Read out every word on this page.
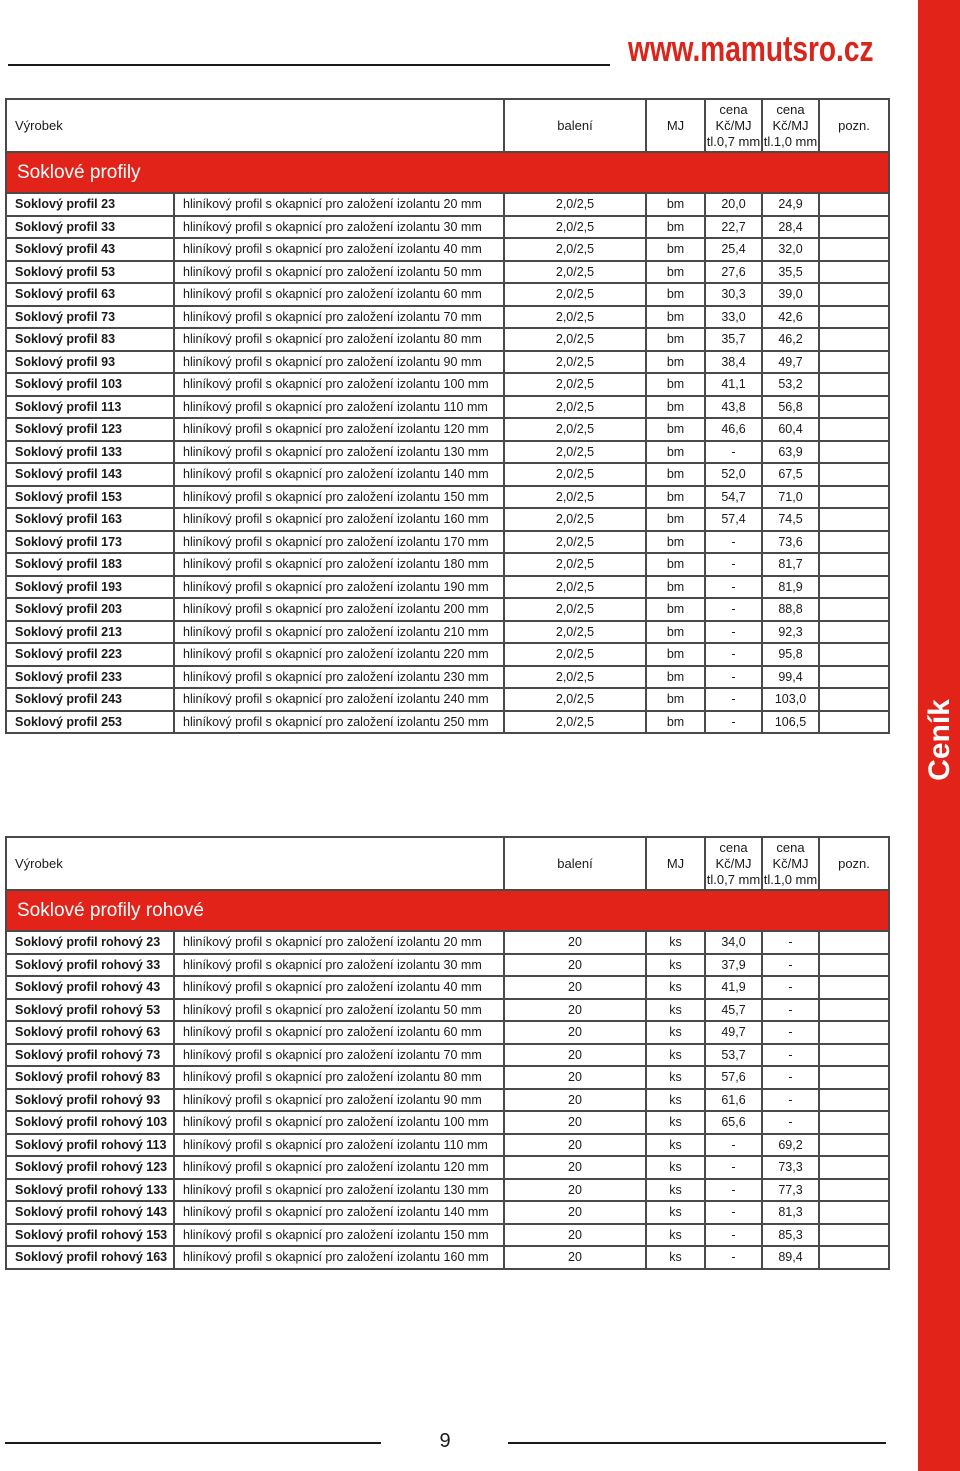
www.mamutsro.cz
Ceník
Výrobek		balení	MJ	cena
Kč/MJ
tl.0,7 mm	cena
Kč/MJ
tl.1,0 mm	pozn.
Soklové profily						
Soklový profil 23	hliníkový profil s okapnicí pro založení izolantu 20 mm	2,0/2,5	bm	20,0	24,9	
Soklový profil 33	hliníkový profil s okapnicí pro založení izolantu 30 mm	2,0/2,5	bm	22,7	28,4	
Soklový profil 43	hliníkový profil s okapnicí pro založení izolantu 40 mm	2,0/2,5	bm	25,4	32,0	
Soklový profil 53	hliníkový profil s okapnicí pro založení izolantu 50 mm	2,0/2,5	bm	27,6	35,5	
Soklový profil 63	hliníkový profil s okapnicí pro založení izolantu 60 mm	2,0/2,5	bm	30,3	39,0	
Soklový profil 73	hliníkový profil s okapnicí pro založení izolantu 70 mm	2,0/2,5	bm	33,0	42,6	
Soklový profil 83	hliníkový profil s okapnicí pro založení izolantu 80 mm	2,0/2,5	bm	35,7	46,2	
Soklový profil 93	hliníkový profil s okapnicí pro založení izolantu 90 mm	2,0/2,5	bm	38,4	49,7	
Soklový profil 103	hliníkový profil s okapnicí pro založení izolantu 100 mm	2,0/2,5	bm	41,1	53,2	
Soklový profil 113	hliníkový profil s okapnicí pro založení izolantu 110 mm	2,0/2,5	bm	43,8	56,8	
Soklový profil 123	hliníkový profil s okapnicí pro založení izolantu 120 mm	2,0/2,5	bm	46,6	60,4	
Soklový profil 133	hliníkový profil s okapnicí pro založení izolantu 130 mm	2,0/2,5	bm	-	63,9	
Soklový profil 143	hliníkový profil s okapnicí pro založení izolantu 140 mm	2,0/2,5	bm	52,0	67,5	
Soklový profil 153	hliníkový profil s okapnicí pro založení izolantu 150 mm	2,0/2,5	bm	54,7	71,0	
Soklový profil 163	hliníkový profil s okapnicí pro založení izolantu 160 mm	2,0/2,5	bm	57,4	74,5	
Soklový profil 173	hliníkový profil s okapnicí pro založení izolantu 170 mm	2,0/2,5	bm	-	73,6	
Soklový profil 183	hliníkový profil s okapnicí pro založení izolantu 180 mm	2,0/2,5	bm	-	81,7	
Soklový profil 193	hliníkový profil s okapnicí pro založení izolantu 190 mm	2,0/2,5	bm	-	81,9	
Soklový profil 203	hliníkový profil s okapnicí pro založení izolantu 200 mm	2,0/2,5	bm	-	88,8	
Soklový profil 213	hliníkový profil s okapnicí pro založení izolantu 210 mm	2,0/2,5	bm	-	92,3	
Soklový profil 223	hliníkový profil s okapnicí pro založení izolantu 220 mm	2,0/2,5	bm	-	95,8	
Soklový profil 233	hliníkový profil s okapnicí pro založení izolantu 230 mm	2,0/2,5	bm	-	99,4	
Soklový profil 243	hliníkový profil s okapnicí pro založení izolantu 240 mm	2,0/2,5	bm	-	103,0	
Soklový profil 253	hliníkový profil s okapnicí pro založení izolantu 250 mm	2,0/2,5	bm	-	106,5	
Výrobek		balení	MJ	cena
Kč/MJ
tl.0,7 mm	cena
Kč/MJ
tl.1,0 mm	pozn.
Soklové profily rohové						
Soklový profil rohový 23	hliníkový profil s okapnicí pro založení izolantu 20 mm	20	ks	34,0	-	
Soklový profil rohový 33	hliníkový profil s okapnicí pro založení izolantu 30 mm	20	ks	37,9	-	
Soklový profil rohový 43	hliníkový profil s okapnicí pro založení izolantu 40 mm	20	ks	41,9	-	
Soklový profil rohový 53	hliníkový profil s okapnicí pro založení izolantu 50 mm	20	ks	45,7	-	
Soklový profil rohový 63	hliníkový profil s okapnicí pro založení izolantu 60 mm	20	ks	49,7	-	
Soklový profil rohový 73	hliníkový profil s okapnicí pro založení izolantu 70 mm	20	ks	53,7	-	
Soklový profil rohový 83	hliníkový profil s okapnicí pro založení izolantu 80 mm	20	ks	57,6	-	
Soklový profil rohový 93	hliníkový profil s okapnicí pro založení izolantu 90 mm	20	ks	61,6	-	
Soklový profil rohový 103	hliníkový profil s okapnicí pro založení izolantu 100 mm	20	ks	65,6	-	
Soklový profil rohový 113	hliníkový profil s okapnicí pro založení izolantu 110 mm	20	ks	-	69,2	
Soklový profil rohový 123	hliníkový profil s okapnicí pro založení izolantu 120 mm	20	ks	-	73,3	
Soklový profil rohový 133	hliníkový profil s okapnicí pro založení izolantu 130 mm	20	ks	-	77,3	
Soklový profil rohový 143	hliníkový profil s okapnicí pro založení izolantu 140 mm	20	ks	-	81,3	
Soklový profil rohový 153	hliníkový profil s okapnicí pro založení izolantu 150 mm	20	ks	-	85,3	
Soklový profil rohový 163	hliníkový profil s okapnicí pro založení izolantu 160 mm	20	ks	-	89,4	
9
